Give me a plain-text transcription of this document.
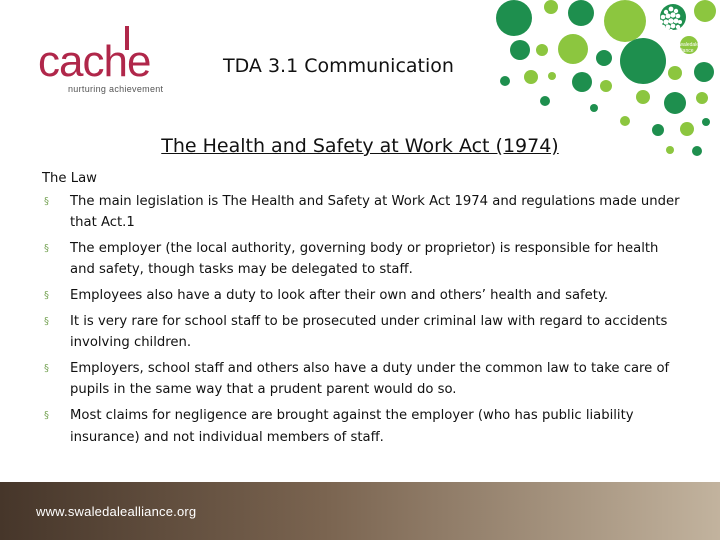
cache
nurturing achievement
TDA 3.1 Communication
The Health and Safety at Work Act (1974)
The Law
§ The main legislation is The Health and Safety at Work Act 1974 and regulations made under that Act.1
§ The employer (the local authority, governing body or proprietor) is responsible for health and safety, though tasks may be delegated to staff.
§ Employees also have a duty to look after their own and others’ health and safety.
§ It is very rare for school staff to be prosecuted under criminal law with regard to accidents involving children.
§ Employers, school staff and others also have a duty under the common law to take care of pupils in the same way that a prudent parent would do so.
§ Most claims for negligence are brought against the employer (who has public liability insurance) and not individual members of staff.
www.swaledalealliance.org
Swaledale
Alliance
